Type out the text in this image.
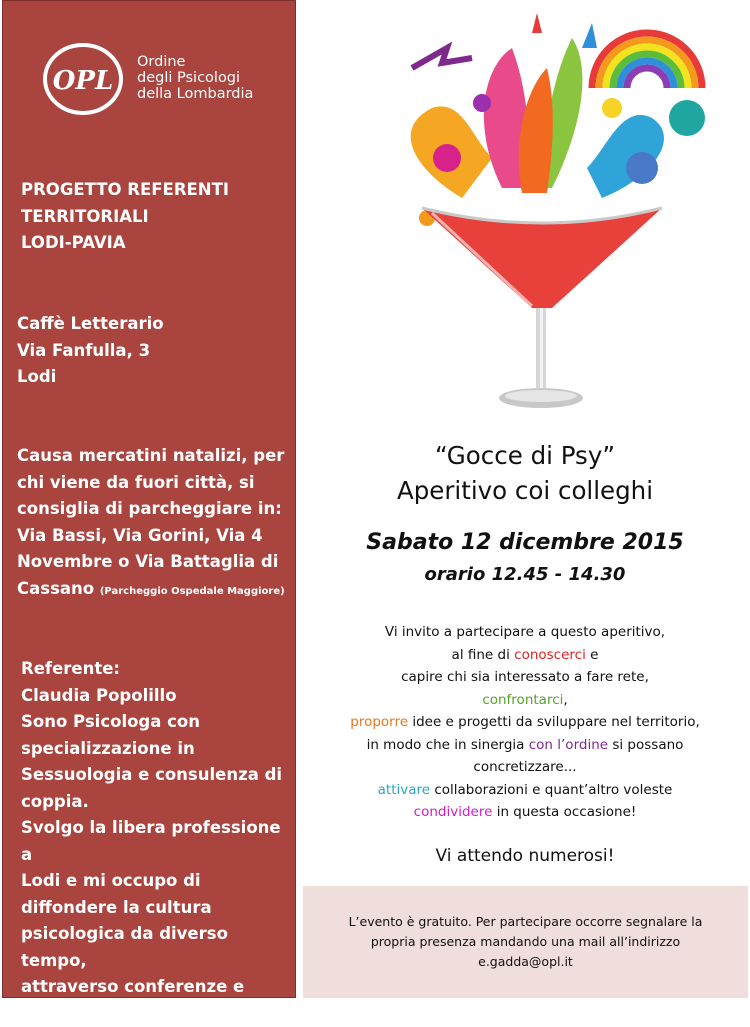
OPL
Ordine
degli Psicologi
della Lombardia
PROGETTO REFERENTI
TERRITORIALI
LODI-PAVIA
Caffè Letterario
Via Fanfulla, 3
Lodi
Causa mercatini natalizi, per
chi viene da fuori città, si
consiglia di parcheggiare in:
Via Bassi, Via Gorini, Via 4
Novembre o Via Battaglia di
Cassano (Parcheggio Ospedale Maggiore)
Referente:
Claudia Popolillo
Sono Psicologa con
specializzazione in
Sessuologia e consulenza di
coppia.
Svolgo la libera professione a
Lodi e mi occupo di
diffondere la cultura
psicologica da diverso tempo,
attraverso conferenze e
articoli divulgativi.
“Gocce di Psy”
Aperitivo coi colleghi
Sabato 12 dicembre 2015
orario 12.45 - 14.30
Vi invito a partecipare a questo aperitivo,
al fine di conoscerci e
capire chi sia interessato a fare rete,
confrontarci,
proporre idee e progetti da sviluppare nel territorio,
in modo che in sinergia con l’ordine si possano
concretizzare...
attivare collaborazioni e quant’altro voleste
condividere in questa occasione!
Vi attendo numerosi!
L’evento è gratuito. Per partecipare occorre segnalare la
propria presenza mandando una mail all’indirizzo
e.gadda@opl.it
